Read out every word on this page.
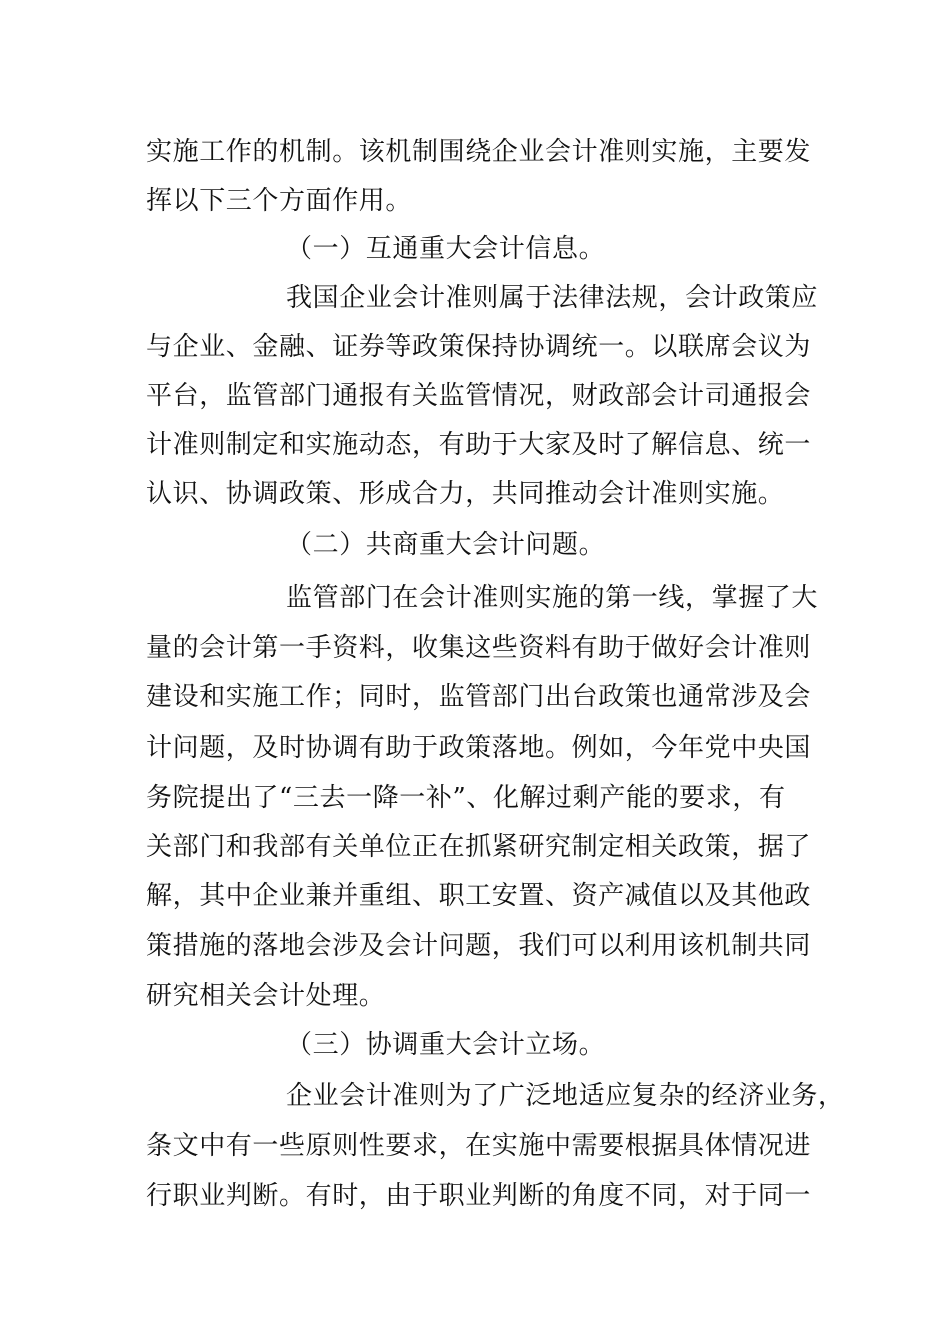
实施工作的机制。该机制围绕企业会计准则实施，主要发
挥以下三个方面作用。
（一）互通重大会计信息。
我国企业会计准则属于法律法规，会计政策应
与企业、金融、证券等政策保持协调统一。以联席会议为
平台，监管部门通报有关监管情况，财政部会计司通报会
计准则制定和实施动态，有助于大家及时了解信息、统一
认识、协调政策、形成合力，共同推动会计准则实施。
（二）共商重大会计问题。
监管部门在会计准则实施的第一线，掌握了大
量的会计第一手资料，收集这些资料有助于做好会计准则
建设和实施工作；同时，监管部门出台政策也通常涉及会
计问题，及时协调有助于政策落地。例如，今年党中央国
务院提出了“三去一降一补”、化解过剩产能的要求，有
关部门和我部有关单位正在抓紧研究制定相关政策，据了
解，其中企业兼并重组、职工安置、资产减值以及其他政
策措施的落地会涉及会计问题，我们可以利用该机制共同
研究相关会计处理。
（三）协调重大会计立场。
企业会计准则为了广泛地适应复杂的经济业务，
条文中有一些原则性要求，在实施中需要根据具体情况进
行职业判断。有时，由于职业判断的角度不同，对于同一
